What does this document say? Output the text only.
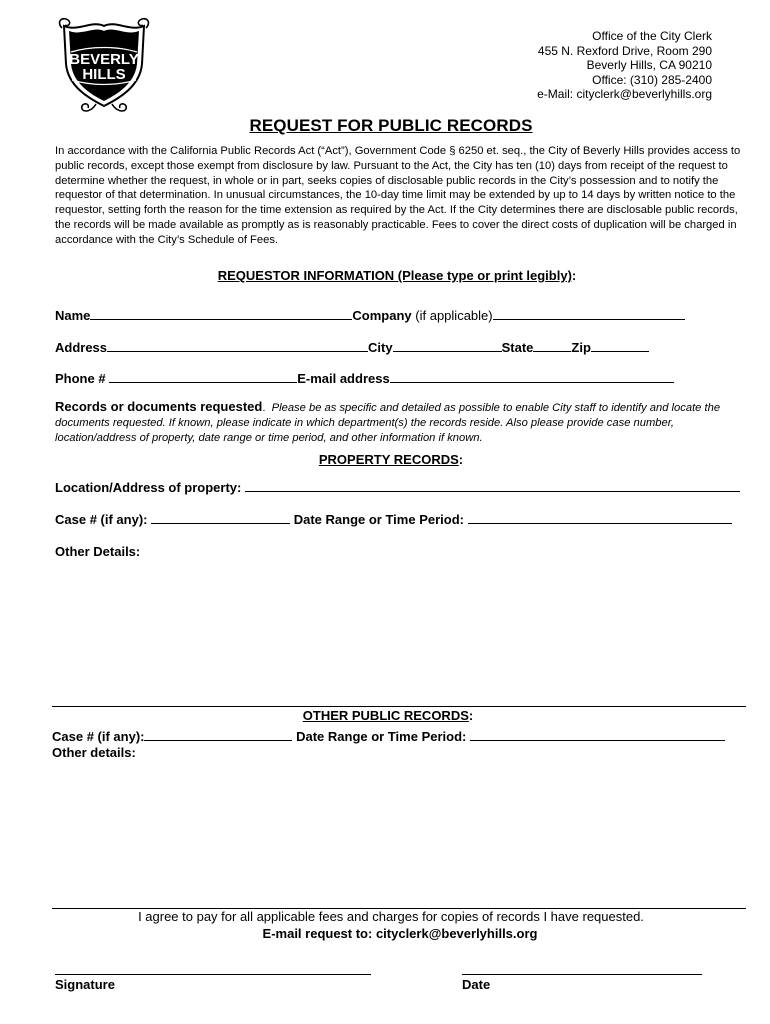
BEVERLY
HILLS
Office of the City Clerk
455 N. Rexford Drive, Room 290
Beverly Hills, CA 90210
Office: (310) 285-2400
e-Mail: cityclerk@beverlyhills.org
REQUEST FOR PUBLIC RECORDS

In accordance with the California Public Records Act (“Act”), Government Code § 6250 et. seq., the City of Beverly Hills provides access to public records, except those exempt from disclosure by law. Pursuant to the Act, the City has ten (10) days from receipt of the request to determine whether the request, in whole or in part, seeks copies of disclosable public records in the City’s possession and to notify the requestor of that determination. In unusual circumstances, the 10-day time limit may be extended by up to 14 days by written notice to the requestor, setting forth the reason for the time extension as required by the Act. If the City determines there are disclosable public records, the records will be made available as promptly as is reasonably practicable. Fees to cover the direct costs of duplication will be charged in accordance with the City’s Schedule of Fees.

REQUESTOR INFORMATION (Please type or print legibly):
Name	Company (if applicable)
Address	City	State	Zip
Phone #	E-mail address

Records or documents requested.  Please be as specific and detailed as possible to enable City staff to identify and locate the documents requested. If known, please indicate in which department(s) the records reside. Also please provide case number, location/address of property, date range or time period, and other information if known.

PROPERTY RECORDS:
Location/Address of property:
Case # (if any):	Date Range or Time Period:
Other Details:
OTHER PUBLIC RECORDS:
Case # (if any):	Date Range or Time Period:
Other details:
I agree to pay for all applicable fees and charges for copies of records I have requested.
E-mail request to: cityclerk@beverlyhills.org
Signature	Date
